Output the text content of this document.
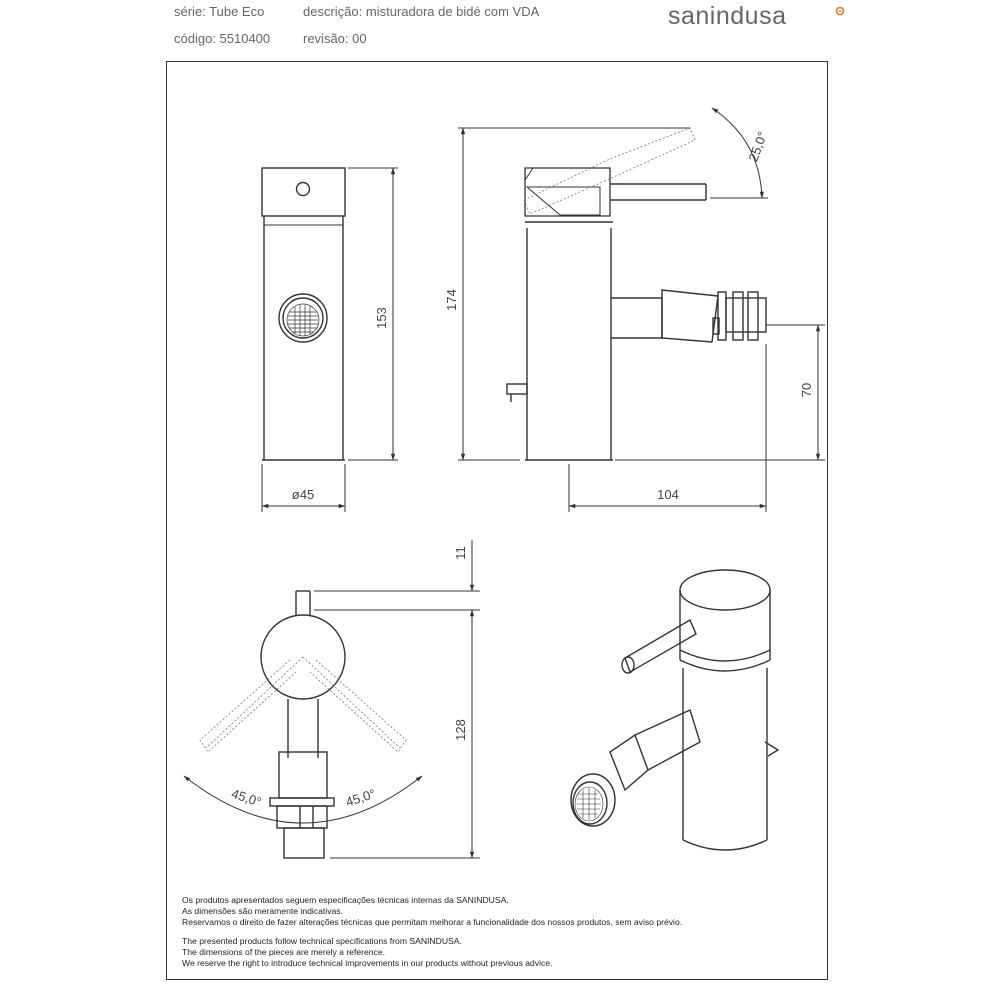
série: Tube Eco	descrição: misturadora de bidé com VDA
código: 5510400	revisão: 00
sanindusa
153
ø45
174
25,0°
70
104
11
128
45,0°	45,0°
Os produtos apresentados seguem especificações técnicas internas da SANINDUSA.
As dimensões são meramente indicativas.
Reservamos o direito de fazer alterações técnicas que permitam melhorar a funcionalidade dos nossos produtos, sem aviso prévio.
The presented products follow technical specifications from SANINDUSA.
The dimensions of the pieces are merely a reference.
We reserve the right to introduce technical improvements in our products without previous advice.
